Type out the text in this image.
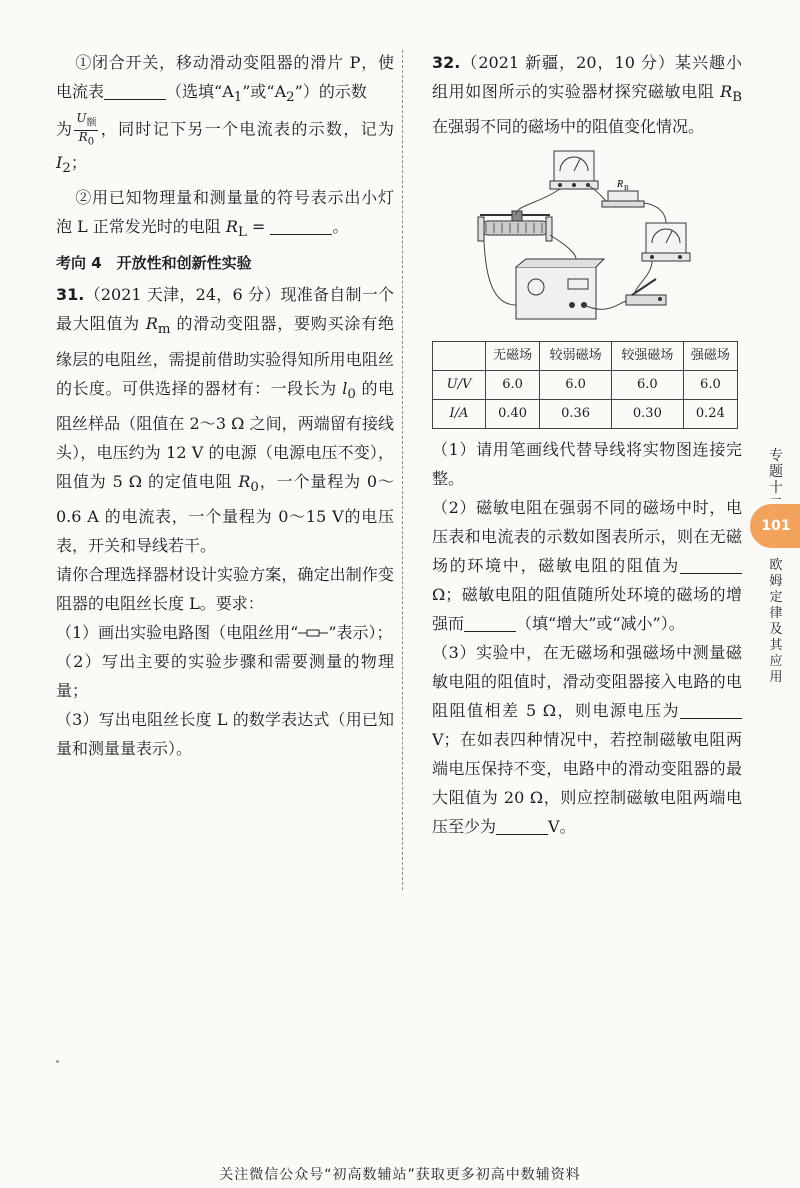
①闭合开关，移动滑动变阻器的滑片 P，使电流表	（选填“$A_1$”或“$A_2$”）的示数

为 $\frac{U_额}{R_0}$ ，同时记下另一个电流表的示数，记为 $I_2$；

②用已知物理量和测量量的符号表示出小灯泡 L 正常发光时的电阻 $R_L$ =	。

考向 4　开放性和创新性实验

31.（2021 天津，24，6 分）现准备自制一个最大阻值为 $R_m$ 的滑动变阻器，要购买涂有绝缘层的电阻丝，需提前借助实验得知所用电阻丝的长度。可供选择的器材有：一段长为 $l_0$ 的电阻丝样品（阻值在 2～3 Ω 之间，两端留有接线头），电压约为 12 V 的电源（电源电压不变），阻值为 5 Ω 的定值电阻 $R_0$，一个量程为 0～0.6 A 的电流表，一个量程为 0～15 V的电压表，开关和导线若干。

请你合理选择器材设计实验方案，确定出制作变阻器的电阻丝长度 L。要求：

（1）画出实验电路图（电阻丝用“ ”表示）；

（2）写出主要的实验步骤和需要测量的物理量；

（3）写出电阻丝长度 L 的数学表达式（用已知量和测量量表示）。

32.（2021 新疆，20，10 分）某兴趣小组用如图所示的实验器材探究磁敏电阻 $R_B$ 在强弱不同的磁场中的阻值变化情况。

R B
	无磁场	较弱磁场	较强磁场	强磁场
U/V	6.0	6.0	6.0	6.0
I/A	0.40	0.36	0.30	0.24

（1）请用笔画线代替导线将实物图连接完整。

（2）磁敏电阻在强弱不同的磁场中时，电压表和电流表的示数如图表所示，则在无磁场的环境中，磁敏电阻的阻值为Ω；磁敏电阻的阻值随所处环境的磁场的增强而	（填“增大”或“减小”）。

（3）实验中，在无磁场和强磁场中测量磁敏电阻的阻值时，滑动变阻器接入电路的电阻阻值相差 5 Ω，则电源电压为V；在如表四种情况中，若控制磁敏电阻两端电压保持不变，电路中的滑动变阻器的最大阻值为 20 Ω，则应控制磁敏电阻两端电压至少为	V。

专题十
101
欧姆定律及其应用
关注微信公众号“初高数辅站”获取更多初高中数辅资料
